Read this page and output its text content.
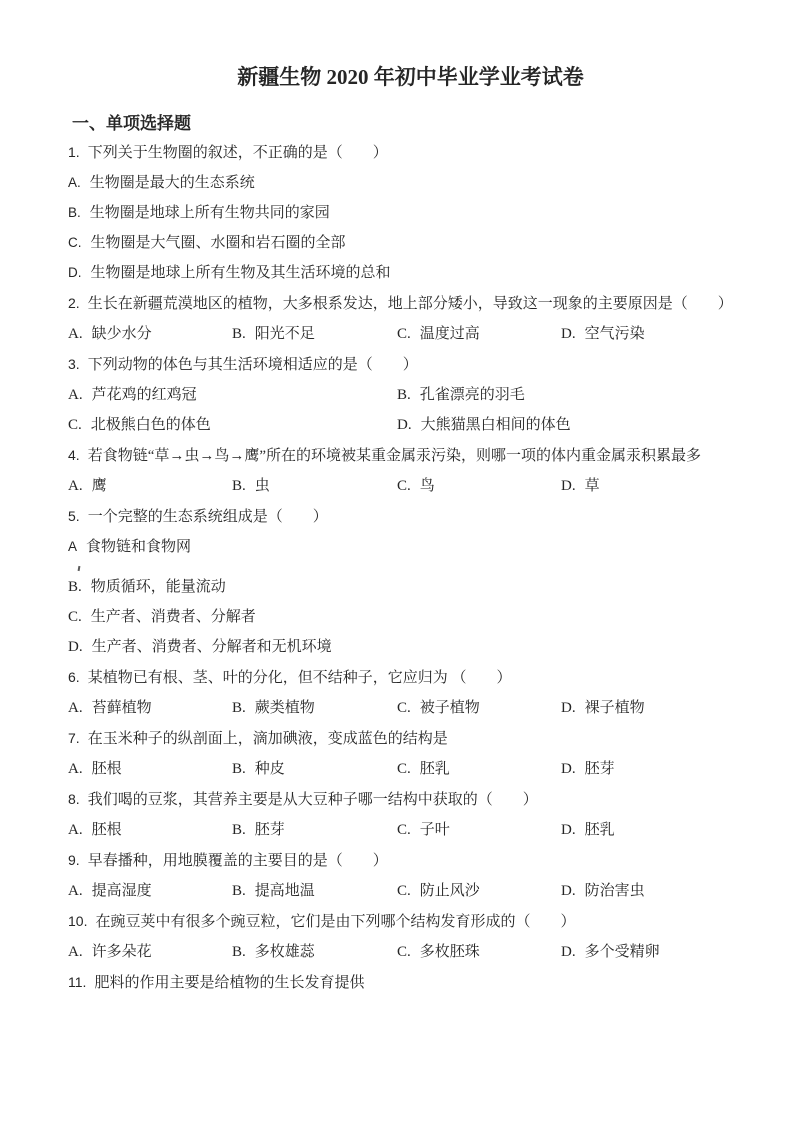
新疆生物 2020 年初中毕业学业考试卷
一、单项选择题
1. 下列关于生物圈的叙述，不正确的是（　　）
A. 生物圈是最大的生态系统
B. 生物圈是地球上所有生物共同的家园
C. 生物圈是大气圈、水圈和岩石圈的全部
D. 生物圈是地球上所有生物及其生活环境的总和
2. 生长在新疆荒漠地区的植物，大多根系发达，地上部分矮小，导致这一现象的主要原因是（　　）
A. 缺少水分	B. 阳光不足	C. 温度过高	D. 空气污染
3. 下列动物的体色与其生活环境相适应的是（　　）
A. 芦花鸡的红鸡冠	B. 孔雀漂亮的羽毛
C. 北极熊白色的体色	D. 大熊猫黑白相间的体色
4. 若食物链“草→虫→鸟→鹰”所在的环境被某重金属汞污染，则哪一项的体内重金属汞积累最多
A. 鹰	B. 虫	C. 鸟	D. 草
5. 一个完整的生态系统组成是（　　）
A 食物链和食物网
B. 物质循环，能量流动
C. 生产者、消费者、分解者
D. 生产者、消费者、分解者和无机环境
6. 某植物已有根、茎、叶的分化，但不结种子，它应归为 （　　）
A. 苔藓植物	B. 蕨类植物	C. 被子植物	D. 裸子植物
7. 在玉米种子的纵剖面上，滴加碘液，变成蓝色的结构是
A. 胚根	B. 种皮	C. 胚乳	D. 胚芽
8. 我们喝的豆浆，其营养主要是从大豆种子哪一结构中获取的（　　）
A. 胚根	B. 胚芽	C. 子叶	D. 胚乳
9. 早春播种，用地膜覆盖的主要目的是（　　）
A. 提高湿度	B. 提高地温	C. 防止风沙	D. 防治害虫
10. 在豌豆荚中有很多个豌豆粒，它们是由下列哪个结构发育形成的（　　）
A. 许多朵花	B. 多枚雄蕊	C. 多枚胚珠	D. 多个受精卵
11. 肥料的作用主要是给植物的生长发育提供
